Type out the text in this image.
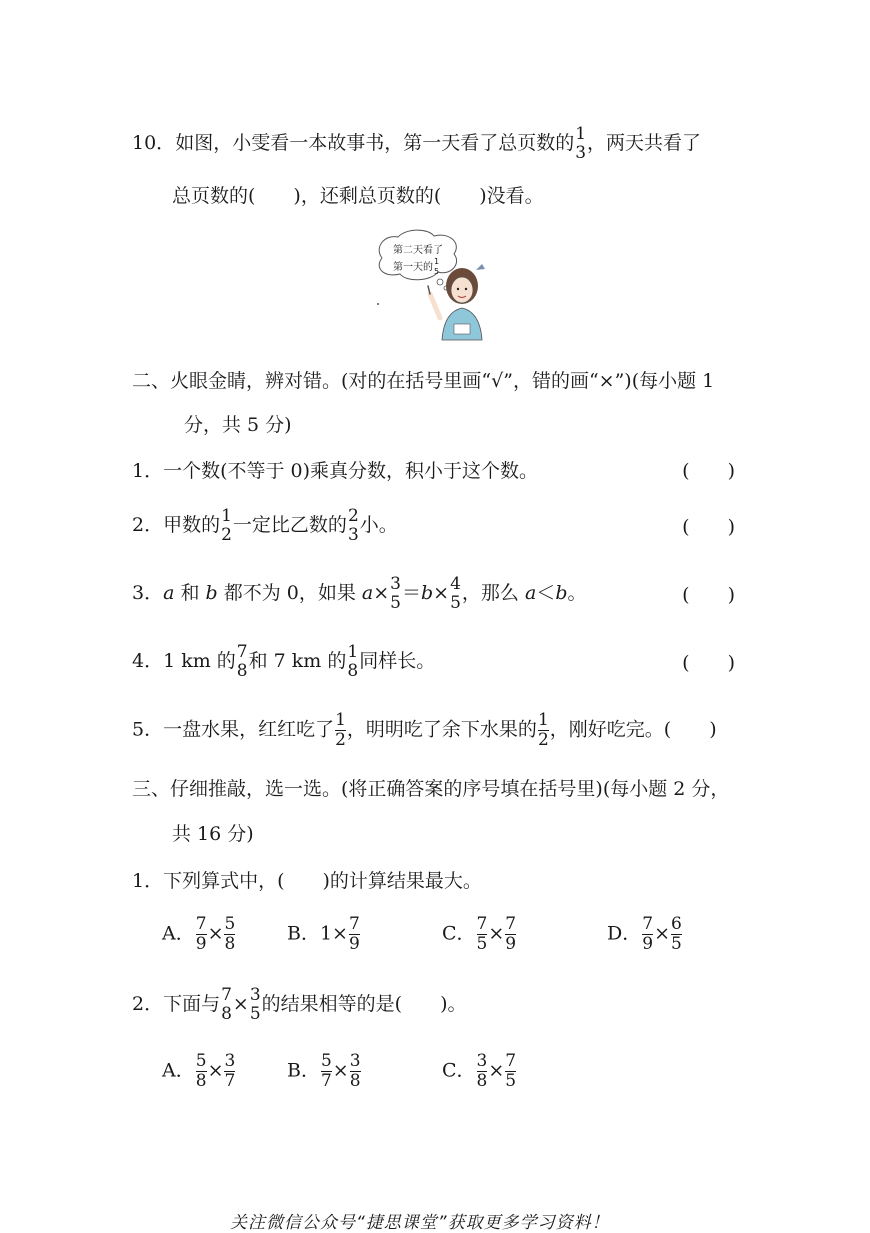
10．如图，小雯看一本故事书，第一天看了总页数的 1
3 ，两天共看了
总页数的(　　)，还剩总页数的(　　)没看。
第二天看了
第一天的
1
5
二、火眼金睛，辨对错。(对的在括号里画“√”，错的画“×”)(每小题 1
分，共 5 分)
1．一个数(不等于 0)乘真分数，积小于这个数。	(　　)
2．甲数的 1
2 一定比乙数的 2
3 小。	(　　)
3．a 和 b 都不为 0，如果 a× 3
5 ＝b× 4
5 ，那么 a＜b。	(　　)
4．1 km 的 7
8 和 7 km 的 1
8 同样长。	(　　)
5．一盘水果，红红吃了 $\frac{1}{2}$ ，明明吃了余下水果的 $\frac{1}{2}$ ，刚好吃完。(　　)
三、仔细推敲，选一选。(将正确答案的序号填在括号里)(每小题 2 分，
共 16 分)
1．下列算式中，(　　)的计算结果最大。
A． $\frac{7}{9} \times \frac{5}{8}$	B．$1\times \frac{7}{9}$	C． $\frac{7}{5} \times \frac{7}{9}$	D． $\frac{7}{9} \times \frac{6}{5}$
2．下面与 7
8 × 3
5 的结果相等的是(　　)。
A． $\frac{5}{8} \times \frac{3}{7}$	B． $\frac{5}{7} \times \frac{3}{8}$	C． $\frac{3}{8} \times \frac{7}{5}$
关注微信公众号“捷思课堂”获取更多学习资料！
